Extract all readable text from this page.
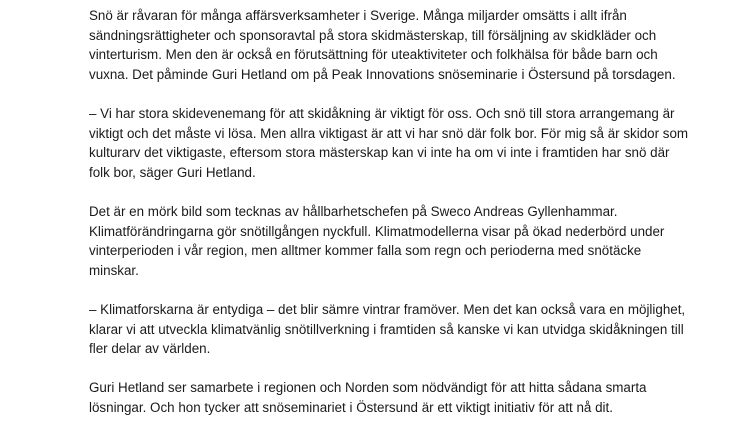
Snö är råvaran för många affärsverksamheter i Sverige. Många miljarder omsätts i allt ifrån
sändningsrättigheter och sponsoravtal på stora skidmästerskap, till försäljning av skidkläder och
vinterturism. Men den är också en förutsättning för uteaktiviteter och folkhälsa för både barn och
vuxna. Det påminde Guri Hetland om på Peak Innovations snöseminarie i Östersund på torsdagen.

– Vi har stora skidevenemang för att skidåkning är viktigt för oss. Och snö till stora arrangemang är
viktigt och det måste vi lösa. Men allra viktigast är att vi har snö där folk bor. För mig så är skidor som
kulturarv det viktigaste, eftersom stora mästerskap kan vi inte ha om vi inte i framtiden har snö där
folk bor, säger Guri Hetland.

Det är en mörk bild som tecknas av hållbarhetschefen på Sweco Andreas Gyllenhammar.
Klimatförändringarna gör snötillgången nyckfull. Klimatmodellerna visar på ökad nederbörd under
vinterperioden i vår region, men alltmer kommer falla som regn och perioderna med snötäcke
minskar.

– Klimatforskarna är entydiga – det blir sämre vintrar framöver. Men det kan också vara en möjlighet,
klarar vi att utveckla klimatvänlig snötillverkning i framtiden så kanske vi kan utvidga skidåkningen till
fler delar av världen.

Guri Hetland ser samarbete i regionen och Norden som nödvändigt för att hitta sådana smarta
lösningar. Och hon tycker att snöseminariet i Östersund är ett viktigt initiativ för att nå dit.
